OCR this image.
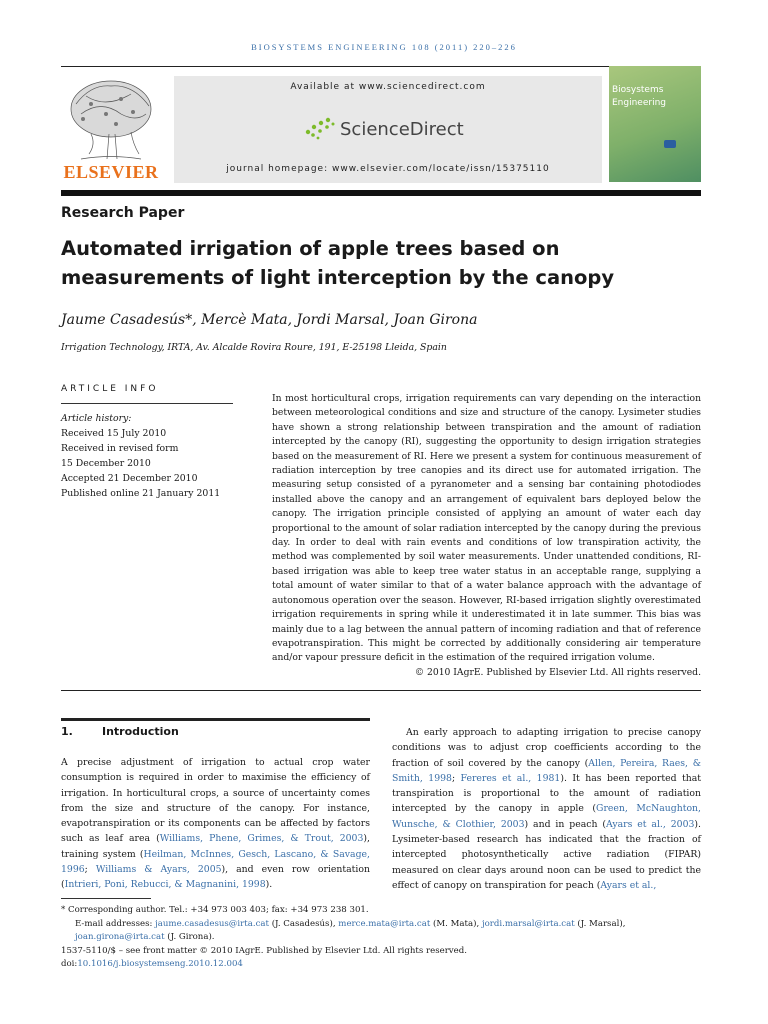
BIOSYSTEMS ENGINEERING 108 (2011) 220–226
ELSEVIER
Available at www.sciencedirect.com
ScienceDirect
journal homepage: www.elsevier.com/locate/issn/15375110
Biosystems
Engineering
Research Paper
Automated irrigation of apple trees based on measurements of light interception by the canopy
Jaume Casadesús*, Mercè Mata, Jordi Marsal, Joan Girona
Irrigation Technology, IRTA, Av. Alcalde Rovira Roure, 191, E-25198 Lleida, Spain
ARTICLE INFO
Article history:
Received 15 July 2010
Received in revised form
15 December 2010
Accepted 21 December 2010
Published online 21 January 2011

In most horticultural crops, irrigation requirements can vary depending on the interaction between meteorological conditions and size and structure of the canopy. Lysimeter studies have shown a strong relationship between transpiration and the amount of radiation intercepted by the canopy (RI), suggesting the opportunity to design irrigation strategies based on the measurement of RI. Here we present a system for continuous measurement of radiation interception by tree canopies and its direct use for automated irrigation. The measuring setup consisted of a pyranometer and a sensing bar containing photodiodes installed above the canopy and an arrangement of equivalent bars deployed below the canopy. The irrigation principle consisted of applying an amount of water each day proportional to the amount of solar radiation intercepted by the canopy during the previous day. In order to deal with rain events and conditions of low transpiration activity, the method was complemented by soil water measurements. Under unattended conditions, RI-based irrigation was able to keep tree water status in an acceptable range, supplying a total amount of water similar to that of a water balance approach with the advantage of autonomous operation over the season. However, RI-based irrigation slightly overestimated irrigation requirements in spring while it underestimated it in late summer. This bias was mainly due to a lag between the annual pattern of incoming radiation and that of reference evapotranspiration. This might be corrected by additionally considering air temperature and/or vapour pressure deficit in the estimation of the required irrigation volume.

© 2010 IAgrE. Published by Elsevier Ltd. All rights reserved.

1.	Introduction

A precise adjustment of irrigation to actual crop water consumption is required in order to maximise the efficiency of irrigation. In horticultural crops, a source of uncertainty comes from the size and structure of the canopy. For instance, evapotranspiration or its components can be affected by factors such as leaf area (Williams, Phene, Grimes, & Trout, 2003), training system (Heilman, McInnes, Gesch, Lascano, & Savage, 1996; Williams & Ayars, 2005), and even row orientation (Intrieri, Poni, Rebucci, & Magnanini, 1998).

An early approach to adapting irrigation to precise canopy conditions was to adjust crop coefficients according to the fraction of soil covered by the canopy (Allen, Pereira, Raes, & Smith, 1998; Fereres et al., 1981). It has been reported that transpiration is proportional to the amount of radiation intercepted by the canopy in apple (Green, McNaughton, Wunsche, & Clothier, 2003) and in peach (Ayars et al., 2003). Lysimeter-based research has indicated that the fraction of intercepted photosynthetically active radiation (FIPAR) measured on clear days around noon can be used to predict the effect of canopy on transpiration for peach (Ayars et al.,

* Corresponding author. Tel.: +34 973 003 403; fax: +34 973 238 301.
E-mail addresses: jaume.casadesus@irta.cat (J. Casadesús), merce.mata@irta.cat (M. Mata), jordi.marsal@irta.cat (J. Marsal), joan.girona@irta.cat (J. Girona).
1537-5110/$ – see front matter © 2010 IAgrE. Published by Elsevier Ltd. All rights reserved.
doi:10.1016/j.biosystemseng.2010.12.004
